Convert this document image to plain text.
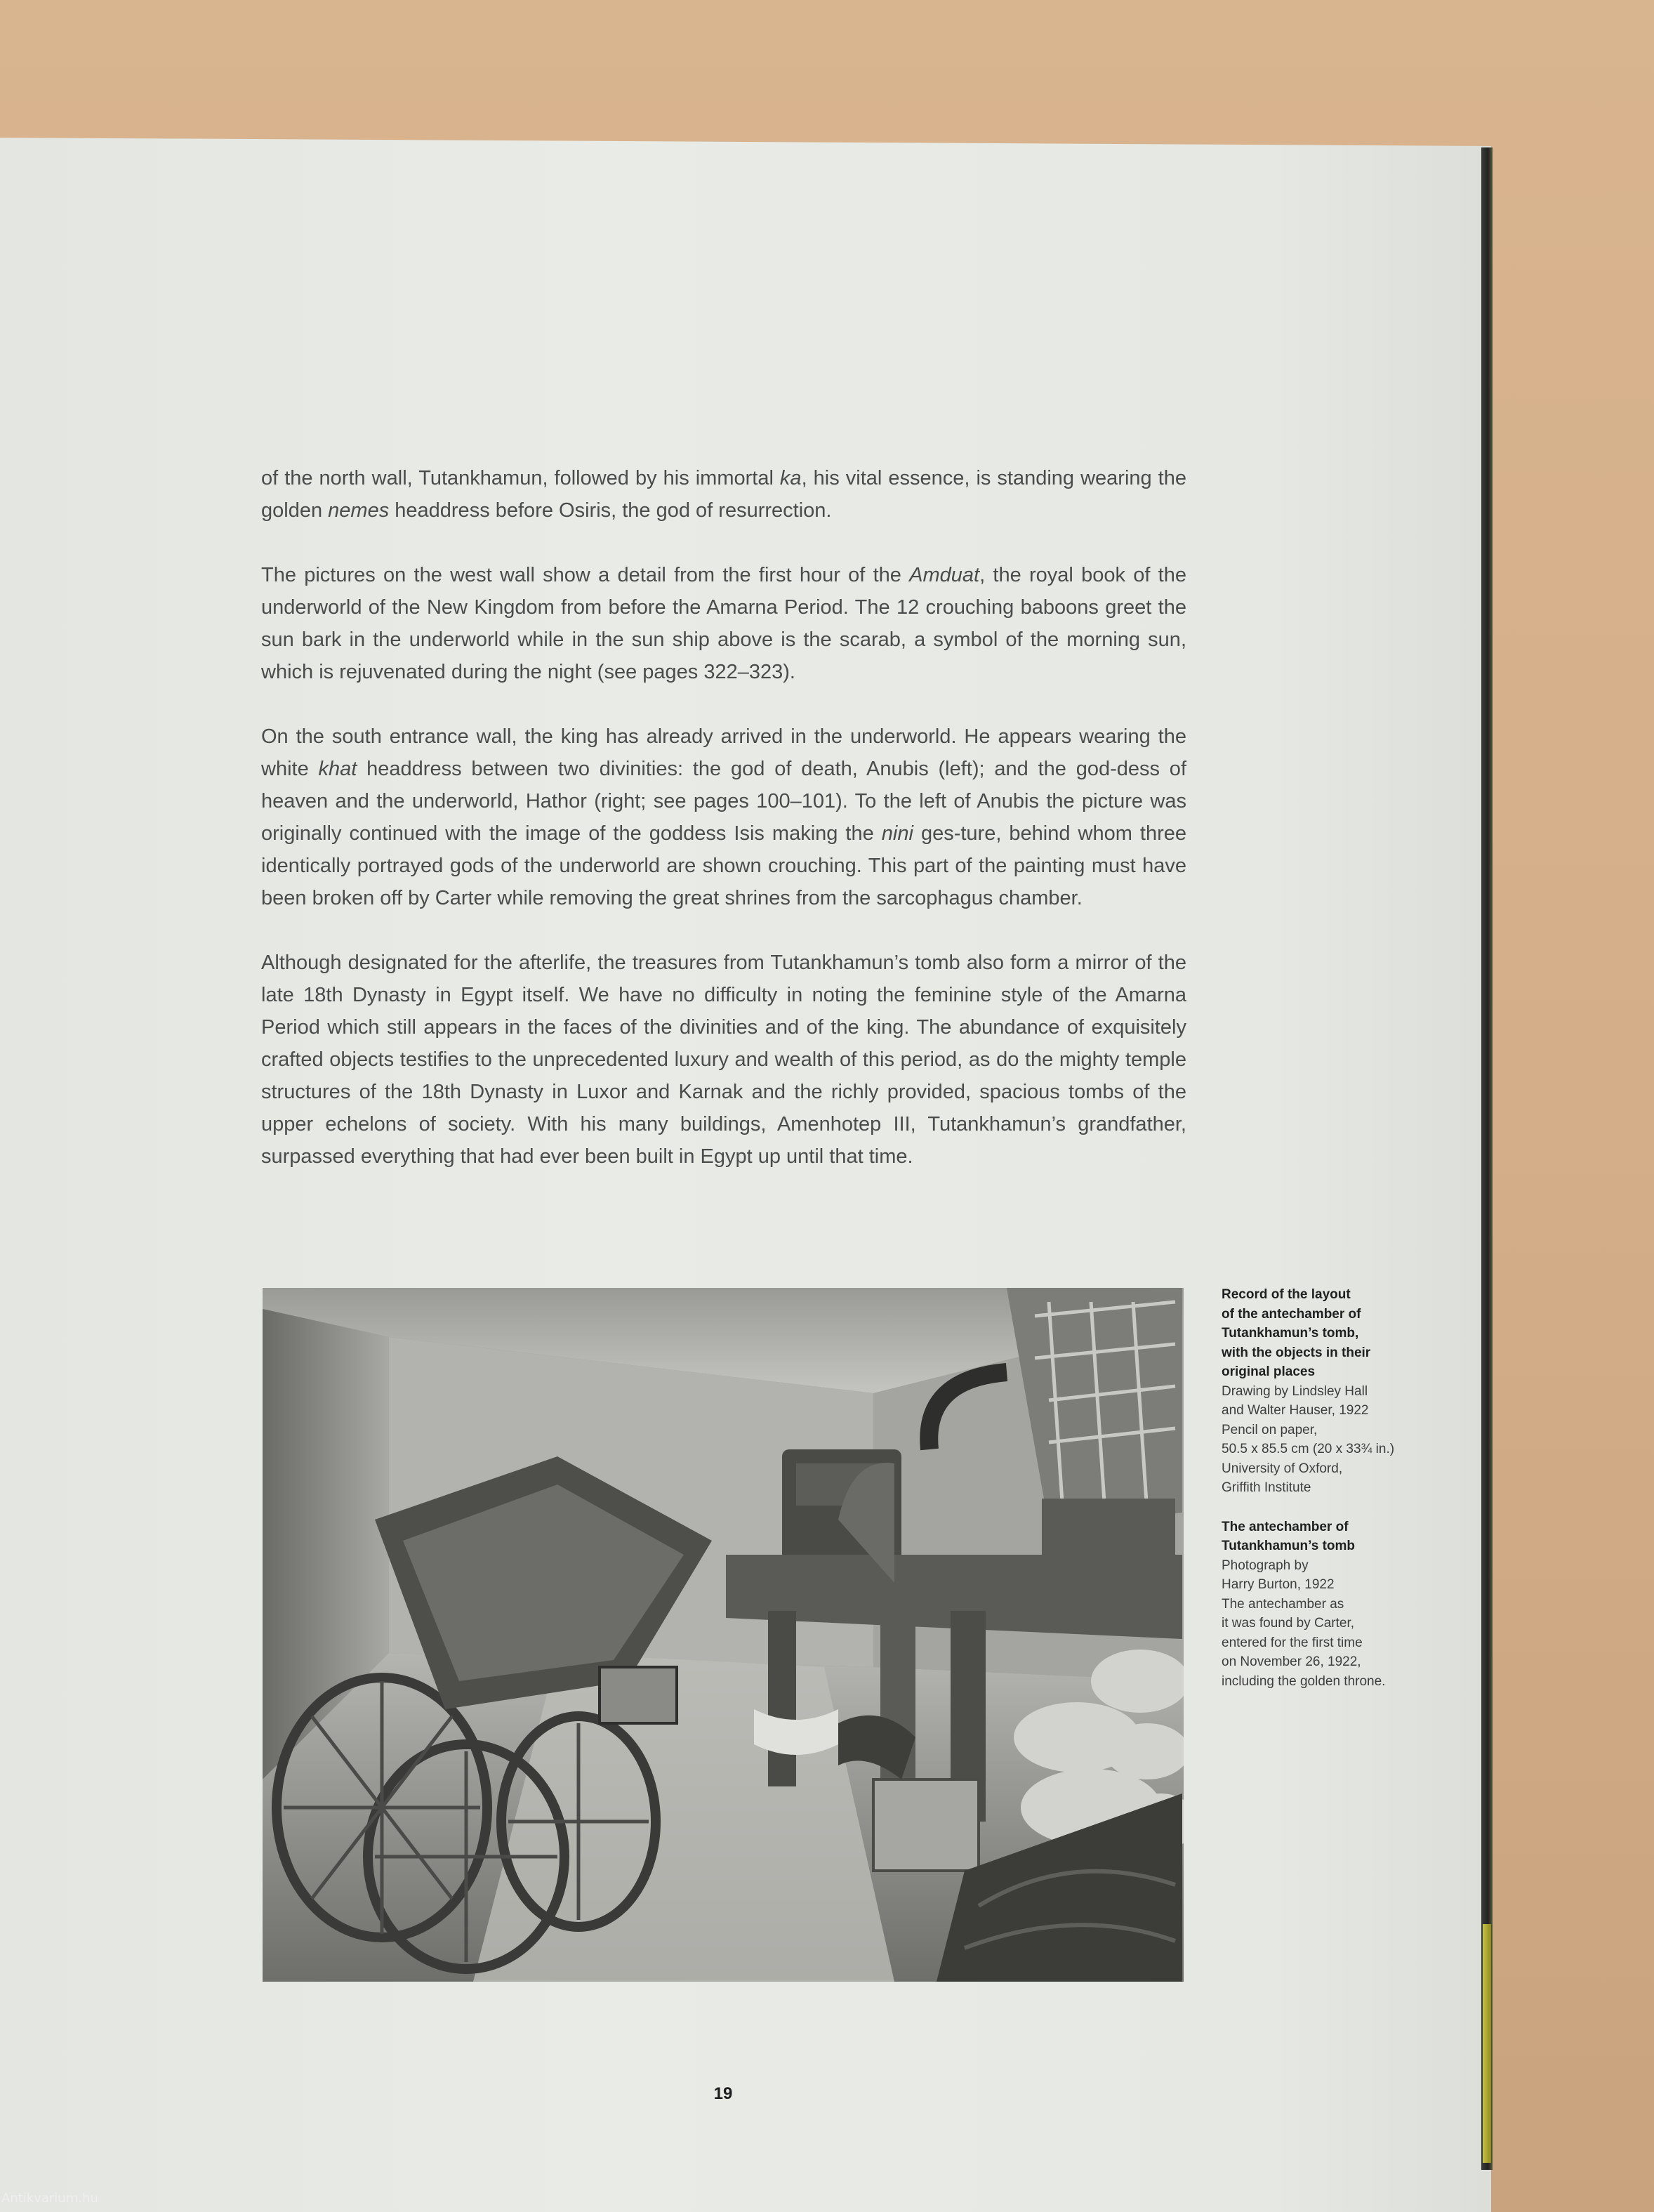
of the north wall, Tutankhamun, followed by his immortal ka, his vital essence, is standing wearing the golden nemes headdress before Osiris, the god of resurrection.

The pictures on the west wall show a detail from the first hour of the Amduat, the royal book of the underworld of the New Kingdom from before the Amarna Period. The 12 crouching baboons greet the sun bark in the underworld while in the sun ship above is the scarab, a symbol of the morning sun, which is rejuvenated during the night (see pages 322–323).

On the south entrance wall, the king has already arrived in the underworld. He appears wearing the white khat headdress between two divinities: the god of death, Anubis (left); and the god-dess of heaven and the underworld, Hathor (right; see pages 100–101). To the left of Anubis the picture was originally continued with the image of the goddess Isis making the nini ges-ture, behind whom three identically portrayed gods of the underworld are shown crouching. This part of the painting must have been broken off by Carter while removing the great shrines from the sarcophagus chamber.

Although designated for the afterlife, the treasures from Tutankhamun’s tomb also form a mirror of the late 18th Dynasty in Egypt itself. We have no difficulty in noting the feminine style of the Amarna Period which still appears in the faces of the divinities and of the king. The abundance of exquisitely crafted objects testifies to the unprecedented luxury and wealth of this period, as do the mighty temple structures of the 18th Dynasty in Luxor and Karnak and the richly provided, spacious tombs of the upper echelons of society. With his many buildings, Amenhotep III, Tutankhamun’s grandfather, surpassed everything that had ever been built in Egypt up until that time.

Record of the layout
of the antechamber of
Tutankhamun’s tomb,
with the objects in their
original places
Drawing by Lindsley Hall
and Walter Hauser, 1922
Pencil on paper,
50.5 x 85.5 cm (20 x 33¾ in.)
University of Oxford,
Griffith Institute
The antechamber of
Tutankhamun’s tomb
Photograph by
Harry Burton, 1922
The antechamber as
it was found by Carter,
entered for the first time
on November 26, 1922,
including the golden throne.
19
Antikvarium.hu
